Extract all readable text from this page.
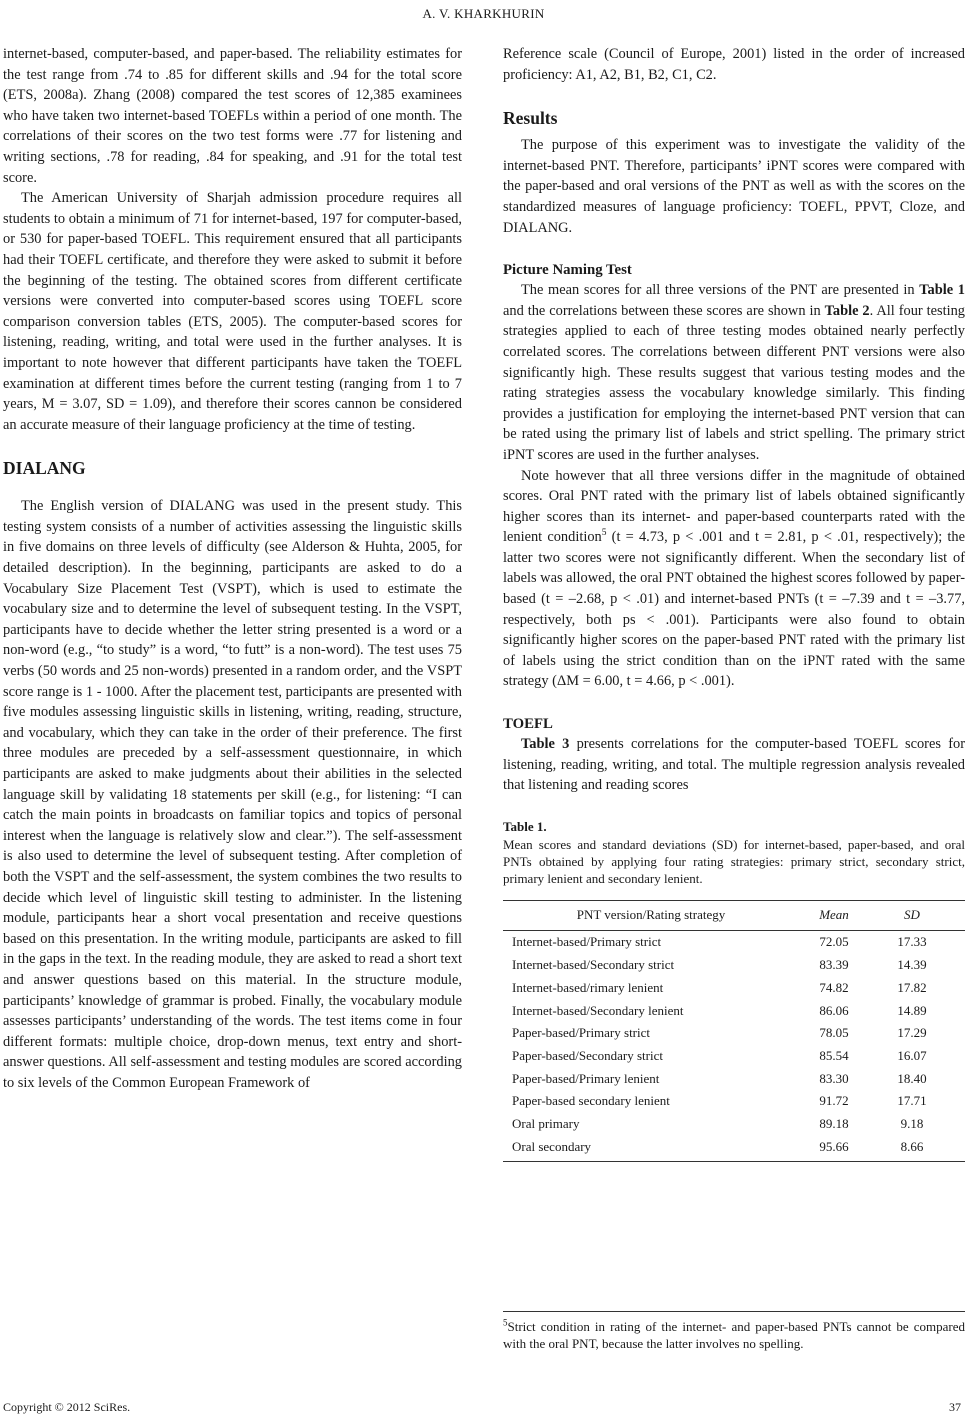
A. V. KHARKHURIN

internet-based, computer-based, and paper-based. The reliability estimates for the test range from .74 to .85 for different skills and .94 for the total score (ETS, 2008a). Zhang (2008) compared the test scores of 12,385 examinees who have taken two internet-based TOEFLs within a period of one month. The correlations of their scores on the two test forms were .77 for listening and writing sections, .78 for reading, .84 for speaking, and .91 for the total test score.

The American University of Sharjah admission procedure requires all students to obtain a minimum of 71 for internet-based, 197 for computer-based, or 530 for paper-based TOEFL. This requirement ensured that all participants had their TOEFL certificate, and therefore they were asked to submit it before the beginning of the testing. The obtained scores from different certificate versions were converted into computer-based scores using TOEFL score comparison conversion tables (ETS, 2005). The computer-based scores for listening, reading, writing, and total were used in the further analyses. It is important to note however that different participants have taken the TOEFL examination at different times before the current testing (ranging from 1 to 7 years, M = 3.07, SD = 1.09), and therefore their scores cannon be considered an accurate measure of their language proficiency at the time of testing.

DIALANG

The English version of DIALANG was used in the present study. This testing system consists of a number of activities assessing the linguistic skills in five domains on three levels of difficulty (see Alderson & Huhta, 2005, for detailed description). In the beginning, participants are asked to do a Vocabulary Size Placement Test (VSPT), which is used to estimate the vocabulary size and to determine the level of subsequent testing. In the VSPT, participants have to decide whether the letter string presented is a word or a non-word (e.g., “to study” is a word, “to futt” is a non-word). The test uses 75 verbs (50 words and 25 non-words) presented in a random order, and the VSPT score range is 1 - 1000. After the placement test, participants are presented with five modules assessing linguistic skills in listening, writing, reading, structure, and vocabulary, which they can take in the order of their preference. The first three modules are preceded by a self-assessment questionnaire, in which participants are asked to make judgments about their abilities in the selected language skill by validating 18 statements per skill (e.g., for listening: “I can catch the main points in broadcasts on familiar topics and topics of personal interest when the language is relatively slow and clear.”). The self-assessment is also used to determine the level of subsequent testing. After completion of both the VSPT and the self-assessment, the system combines the two results to decide which level of linguistic skill testing to administer. In the listening module, participants hear a short vocal presentation and receive questions based on this presentation. In the writing module, participants are asked to fill in the gaps in the text. In the reading module, they are asked to read a short text and answer questions based on this material. In the structure module, participants’ knowledge of grammar is probed. Finally, the vocabulary module assesses participants’ understanding of the words. The test items come in four different formats: multiple choice, drop-down menus, text entry and short-answer questions. All self-assessment and testing modules are scored according to six levels of the Common European Framework of

Reference scale (Council of Europe, 2001) listed in the order of increased proficiency: A1, A2, B1, B2, C1, C2.

Results

The purpose of this experiment was to investigate the validity of the internet-based PNT. Therefore, participants’ iPNT scores were compared with the paper-based and oral versions of the PNT as well as with the scores on the standardized measures of language proficiency: TOEFL, PPVT, Cloze, and DIALANG.

Picture Naming Test

The mean scores for all three versions of the PNT are presented in Table 1 and the correlations between these scores are shown in Table 2. All four testing strategies applied to each of three testing modes obtained nearly perfectly correlated scores. The correlations between different PNT versions were also significantly high. These results suggest that various testing modes and the rating strategies assess the vocabulary knowledge similarly. This finding provides a justification for employing the internet-based PNT version that can be rated using the primary list of labels and strict spelling. The primary strict iPNT scores are used in the further analyses.

Note however that all three versions differ in the magnitude of obtained scores. Oral PNT rated with the primary list of labels obtained significantly higher scores than its internet- and paper-based counterparts rated with the lenient condition$^5$ (t = 4.73, p < .001 and t = 2.81, p < .01, respectively); the latter two scores were not significantly different. When the secondary list of labels was allowed, the oral PNT obtained the highest scores followed by paper-based (t = –2.68, p < .01) and internet-based PNTs (t = –7.39 and t = –3.77, respectively, both ps < .001). Participants were also found to obtain significantly higher scores on the paper-based PNT rated with the primary list of labels using the strict condition than on the iPNT rated with the same strategy (ΔM = 6.00, t = 4.66, p < .001).

TOEFL

Table 3 presents correlations for the computer-based TOEFL scores for listening, reading, writing, and total. The multiple regression analysis revealed that listening and reading scores

Table 1.
Mean scores and standard deviations (SD) for internet-based, paper-based, and oral PNTs obtained by applying four rating strategies: primary strict, secondary strict, primary lenient and secondary lenient.
PNT version/Rating strategy	Mean	SD
Internet-based/Primary strict	72.05	17.33
Internet-based/Secondary strict	83.39	14.39
Internet-based/rimary lenient	74.82	17.82
Internet-based/Secondary lenient	86.06	14.89
Paper-based/Primary strict	78.05	17.29
Paper-based/Secondary strict	85.54	16.07
Paper-based/Primary lenient	83.30	18.40
Paper-based secondary lenient	91.72	17.71
Oral primary	89.18	9.18
Oral secondary	95.66	8.66
$^5$Strict condition in rating of the internet- and paper-based PNTs cannot be compared with the oral PNT, because the latter involves no spelling.
Copyright © 2012 SciRes.	37
